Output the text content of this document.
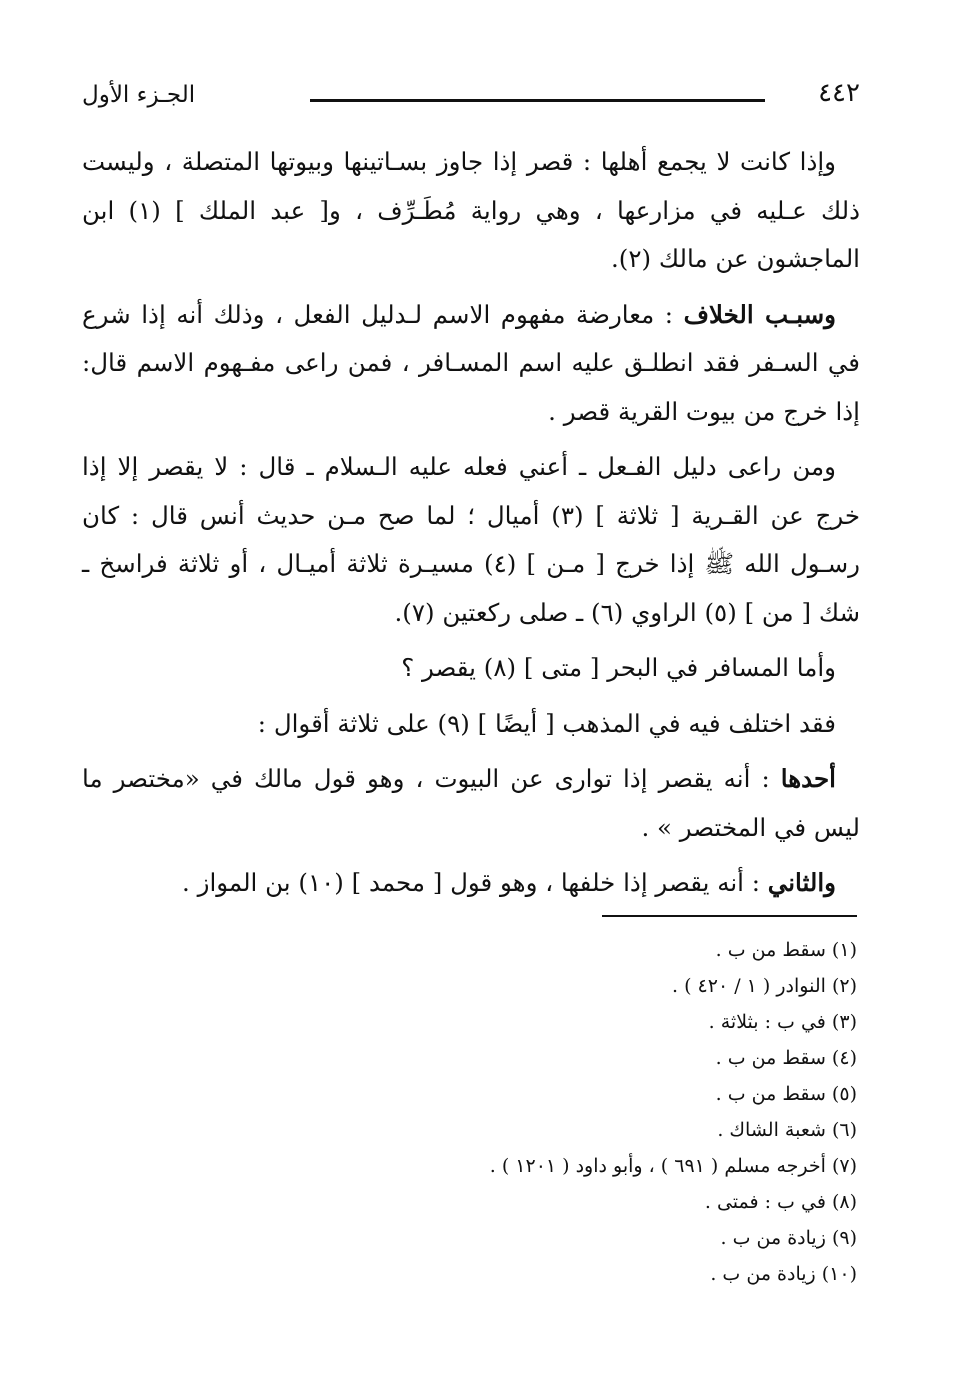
٤٤٢
الجـزء الأول

وإذا كانت لا يجمع أهلها : قصر إذا جاوز بسـاتينها وبيوتها المتصلة ، وليست ذلك عـليه في مزارعها ، وهي رواية مُطَـرِّف ، و[ عبد الملك ] (١) ابن الماجشون عن مالك (٢).

وسبـب الخلاف : معارضة مفهوم الاسم لـدليل الفعل ، وذلك أنه إذا شرع في السـفر فقد انطلـق عليه اسم المسـافر ، فمن راعى مفـهوم الاسم قال: إذا خرج من بيوت القرية قصر .

ومن راعى دليل الفـعل ـ أعني فعله عليه الـسلام ـ قال : لا يقصر إلا إذا خرج عن القـرية [ ثلاثة ] (٣) أميال ؛ لما صح مـن حديث أنس قال : كان رسـول الله ﷺ إذا خرج [ مـن ] (٤) مسيـرة ثلاثة أميـال ، أو ثلاثة فراسخ ـ شك [ من ] (٥) الراوي (٦) ـ صلى ركعتين (٧).

وأما المسافر في البحر [ متى ] (٨) يقصر ؟

فقد اختلف فيه في المذهب [ أيضًا ] (٩) على ثلاثة أقوال :

أحدها : أنه يقصر إذا توارى عن البيوت ، وهو قول مالك في «مختصر ما ليس في المختصر » .

والثاني : أنه يقصر إذا خلفها ، وهو قول [ محمد ] (١٠) بن المواز .

(١) سقط من ب .
(٢) النوادر ( ١ / ٤٢٠ ) .
(٣) في ب : بثلاثة .
(٤) سقط من ب .
(٥) سقط من ب .
(٦) شعبة الشاك .
(٧) أخرجه مسلم ( ٦٩١ ) ، وأبو داود ( ١٢٠١ ) .
(٨) في ب : فمتى .
(٩) زيادة من ب .
(١٠) زيادة من ب .
